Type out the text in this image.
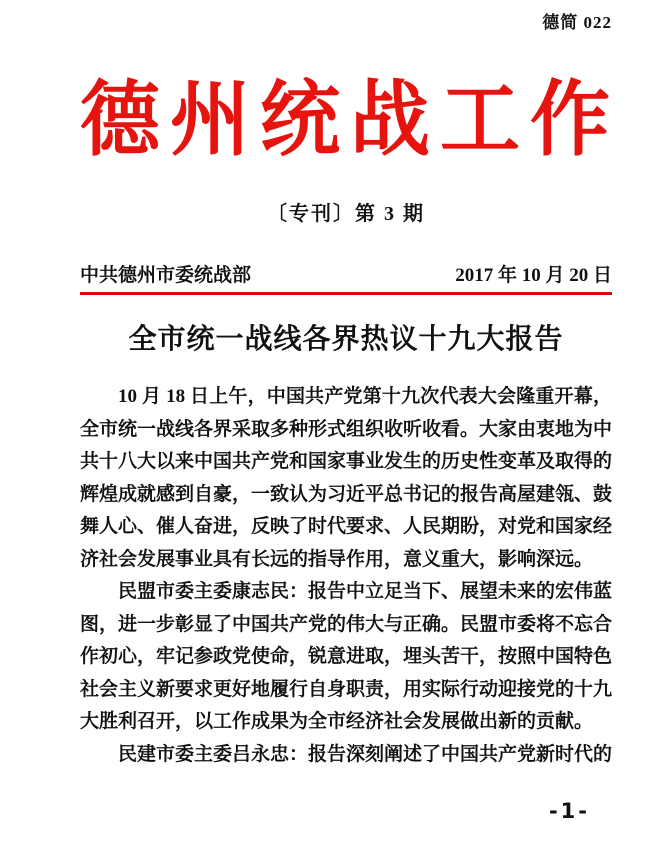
德简 022
德州统战工作
〔专刊〕第 3 期
中共德州市委统战部	2017 年 10 月 20 日
全市统一战线各界热议十九大报告

10 月 18 日上午，中国共产党第十九次代表大会隆重开幕，全市统一战线各界采取多种形式组织收听收看。大家由衷地为中共十八大以来中国共产党和国家事业发生的历史性变革及取得的辉煌成就感到自豪，一致认为习近平总书记的报告高屋建瓴、鼓舞人心、催人奋进，反映了时代要求、人民期盼，对党和国家经济社会发展事业具有长远的指导作用，意义重大，影响深远。

民盟市委主委康志民：报告中立足当下、展望未来的宏伟蓝图，进一步彰显了中国共产党的伟大与正确。民盟市委将不忘合作初心，牢记参政党使命，锐意进取，埋头苦干，按照中国特色社会主义新要求更好地履行自身职责，用实际行动迎接党的十九大胜利召开，以工作成果为全市经济社会发展做出新的贡献。

民建市委主委吕永忠：报告深刻阐述了中国共产党新时代的

-1-
